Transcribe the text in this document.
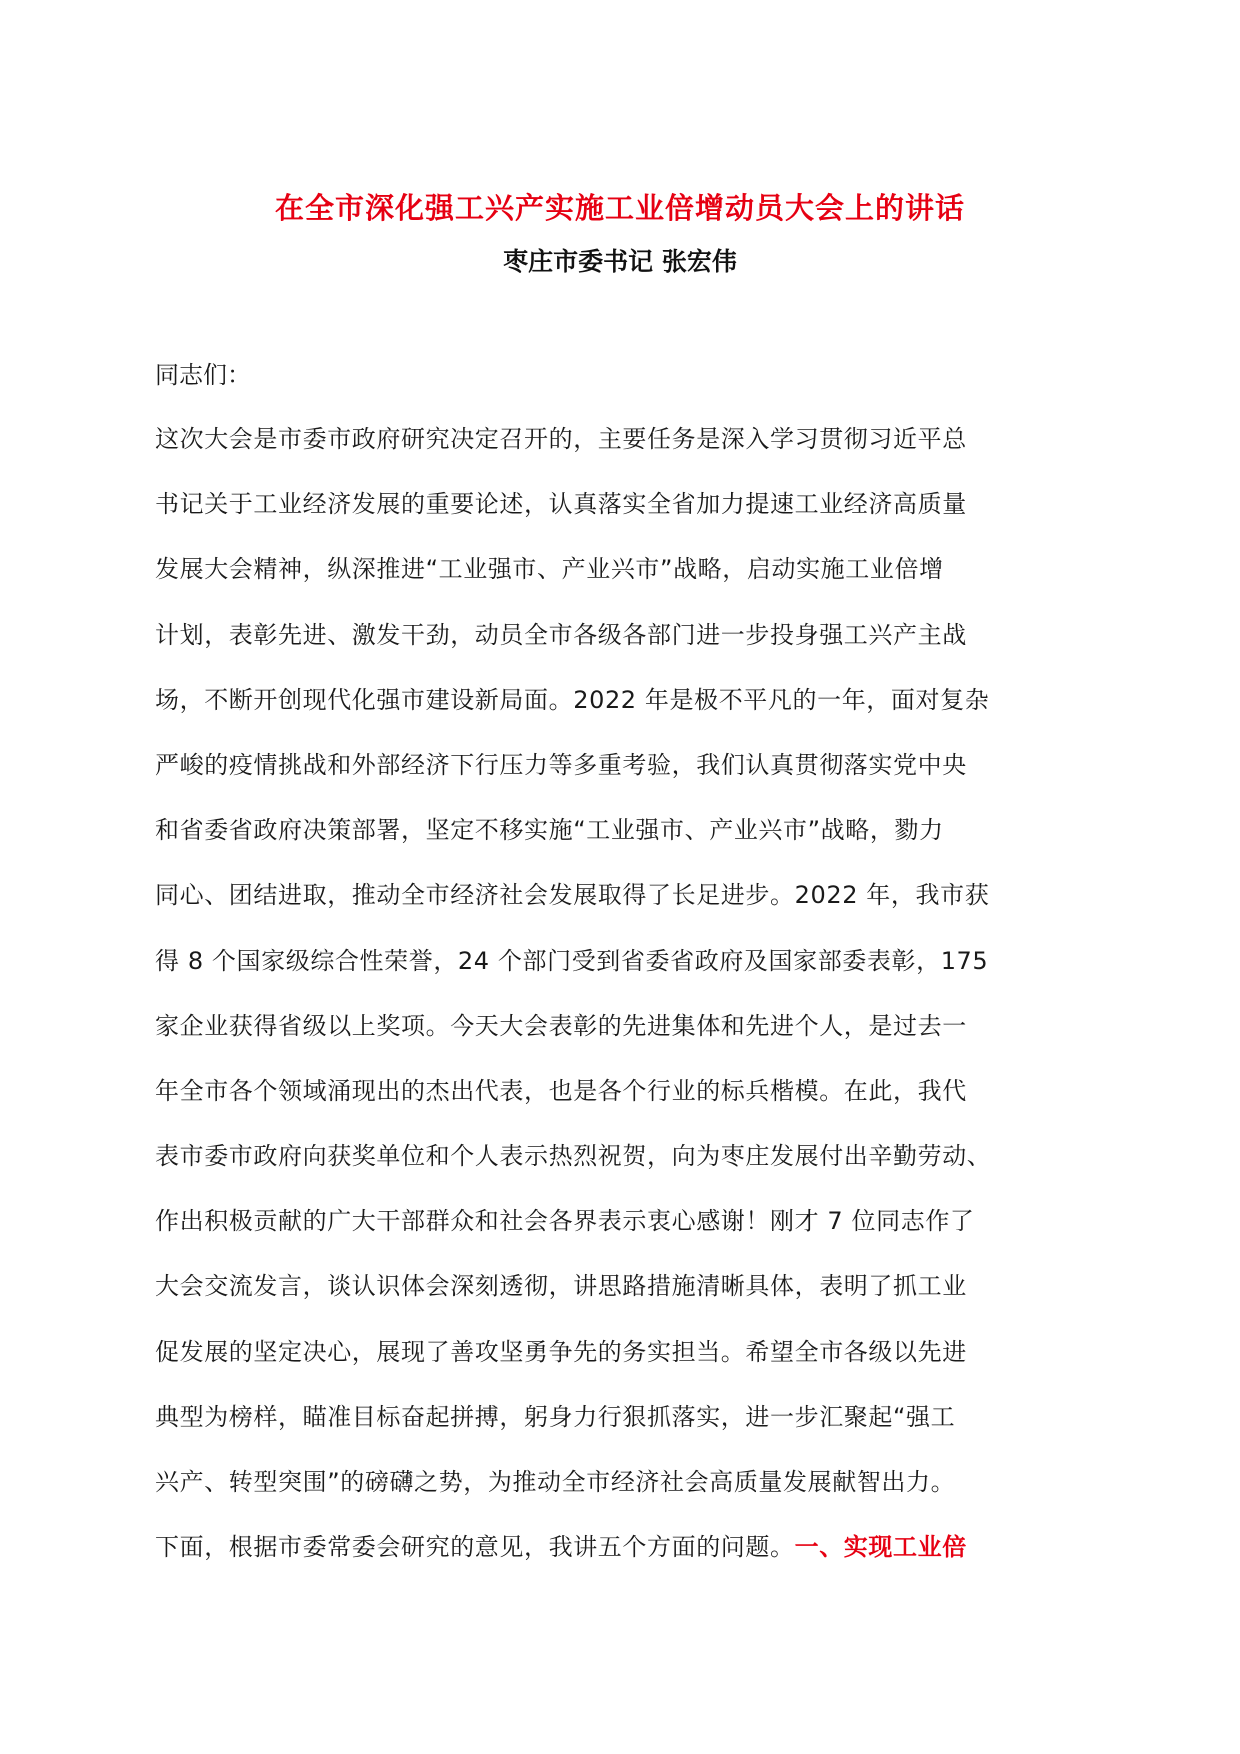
在全市深化强工兴产实施工业倍增动员大会上的讲话
枣庄市委书记 张宏伟
同志们：
这次大会是市委市政府研究决定召开的，主要任务是深入学习贯彻习近平总
书记关于工业经济发展的重要论述，认真落实全省加力提速工业经济高质量
发展大会精神，纵深推进“工业强市、产业兴市”战略，启动实施工业倍增
计划，表彰先进、激发干劲，动员全市各级各部门进一步投身强工兴产主战
场，不断开创现代化强市建设新局面。2022 年是极不平凡的一年，面对复杂
严峻的疫情挑战和外部经济下行压力等多重考验，我们认真贯彻落实党中央
和省委省政府决策部署，坚定不移实施“工业强市、产业兴市”战略，勠力
同心、团结进取，推动全市经济社会发展取得了长足进步。2022 年，我市获
得 8 个国家级综合性荣誉，24 个部门受到省委省政府及国家部委表彰，175
家企业获得省级以上奖项。今天大会表彰的先进集体和先进个人，是过去一
年全市各个领域涌现出的杰出代表，也是各个行业的标兵楷模。在此，我代
表市委市政府向获奖单位和个人表示热烈祝贺，向为枣庄发展付出辛勤劳动、
作出积极贡献的广大干部群众和社会各界表示衷心感谢！刚才 7 位同志作了
大会交流发言，谈认识体会深刻透彻，讲思路措施清晰具体，表明了抓工业
促发展的坚定决心，展现了善攻坚勇争先的务实担当。希望全市各级以先进
典型为榜样，瞄准目标奋起拼搏，躬身力行狠抓落实，进一步汇聚起“强工
兴产、转型突围”的磅礴之势，为推动全市经济社会高质量发展献智出力。
下面，根据市委常委会研究的意见，我讲五个方面的问题。一、实现工业倍
